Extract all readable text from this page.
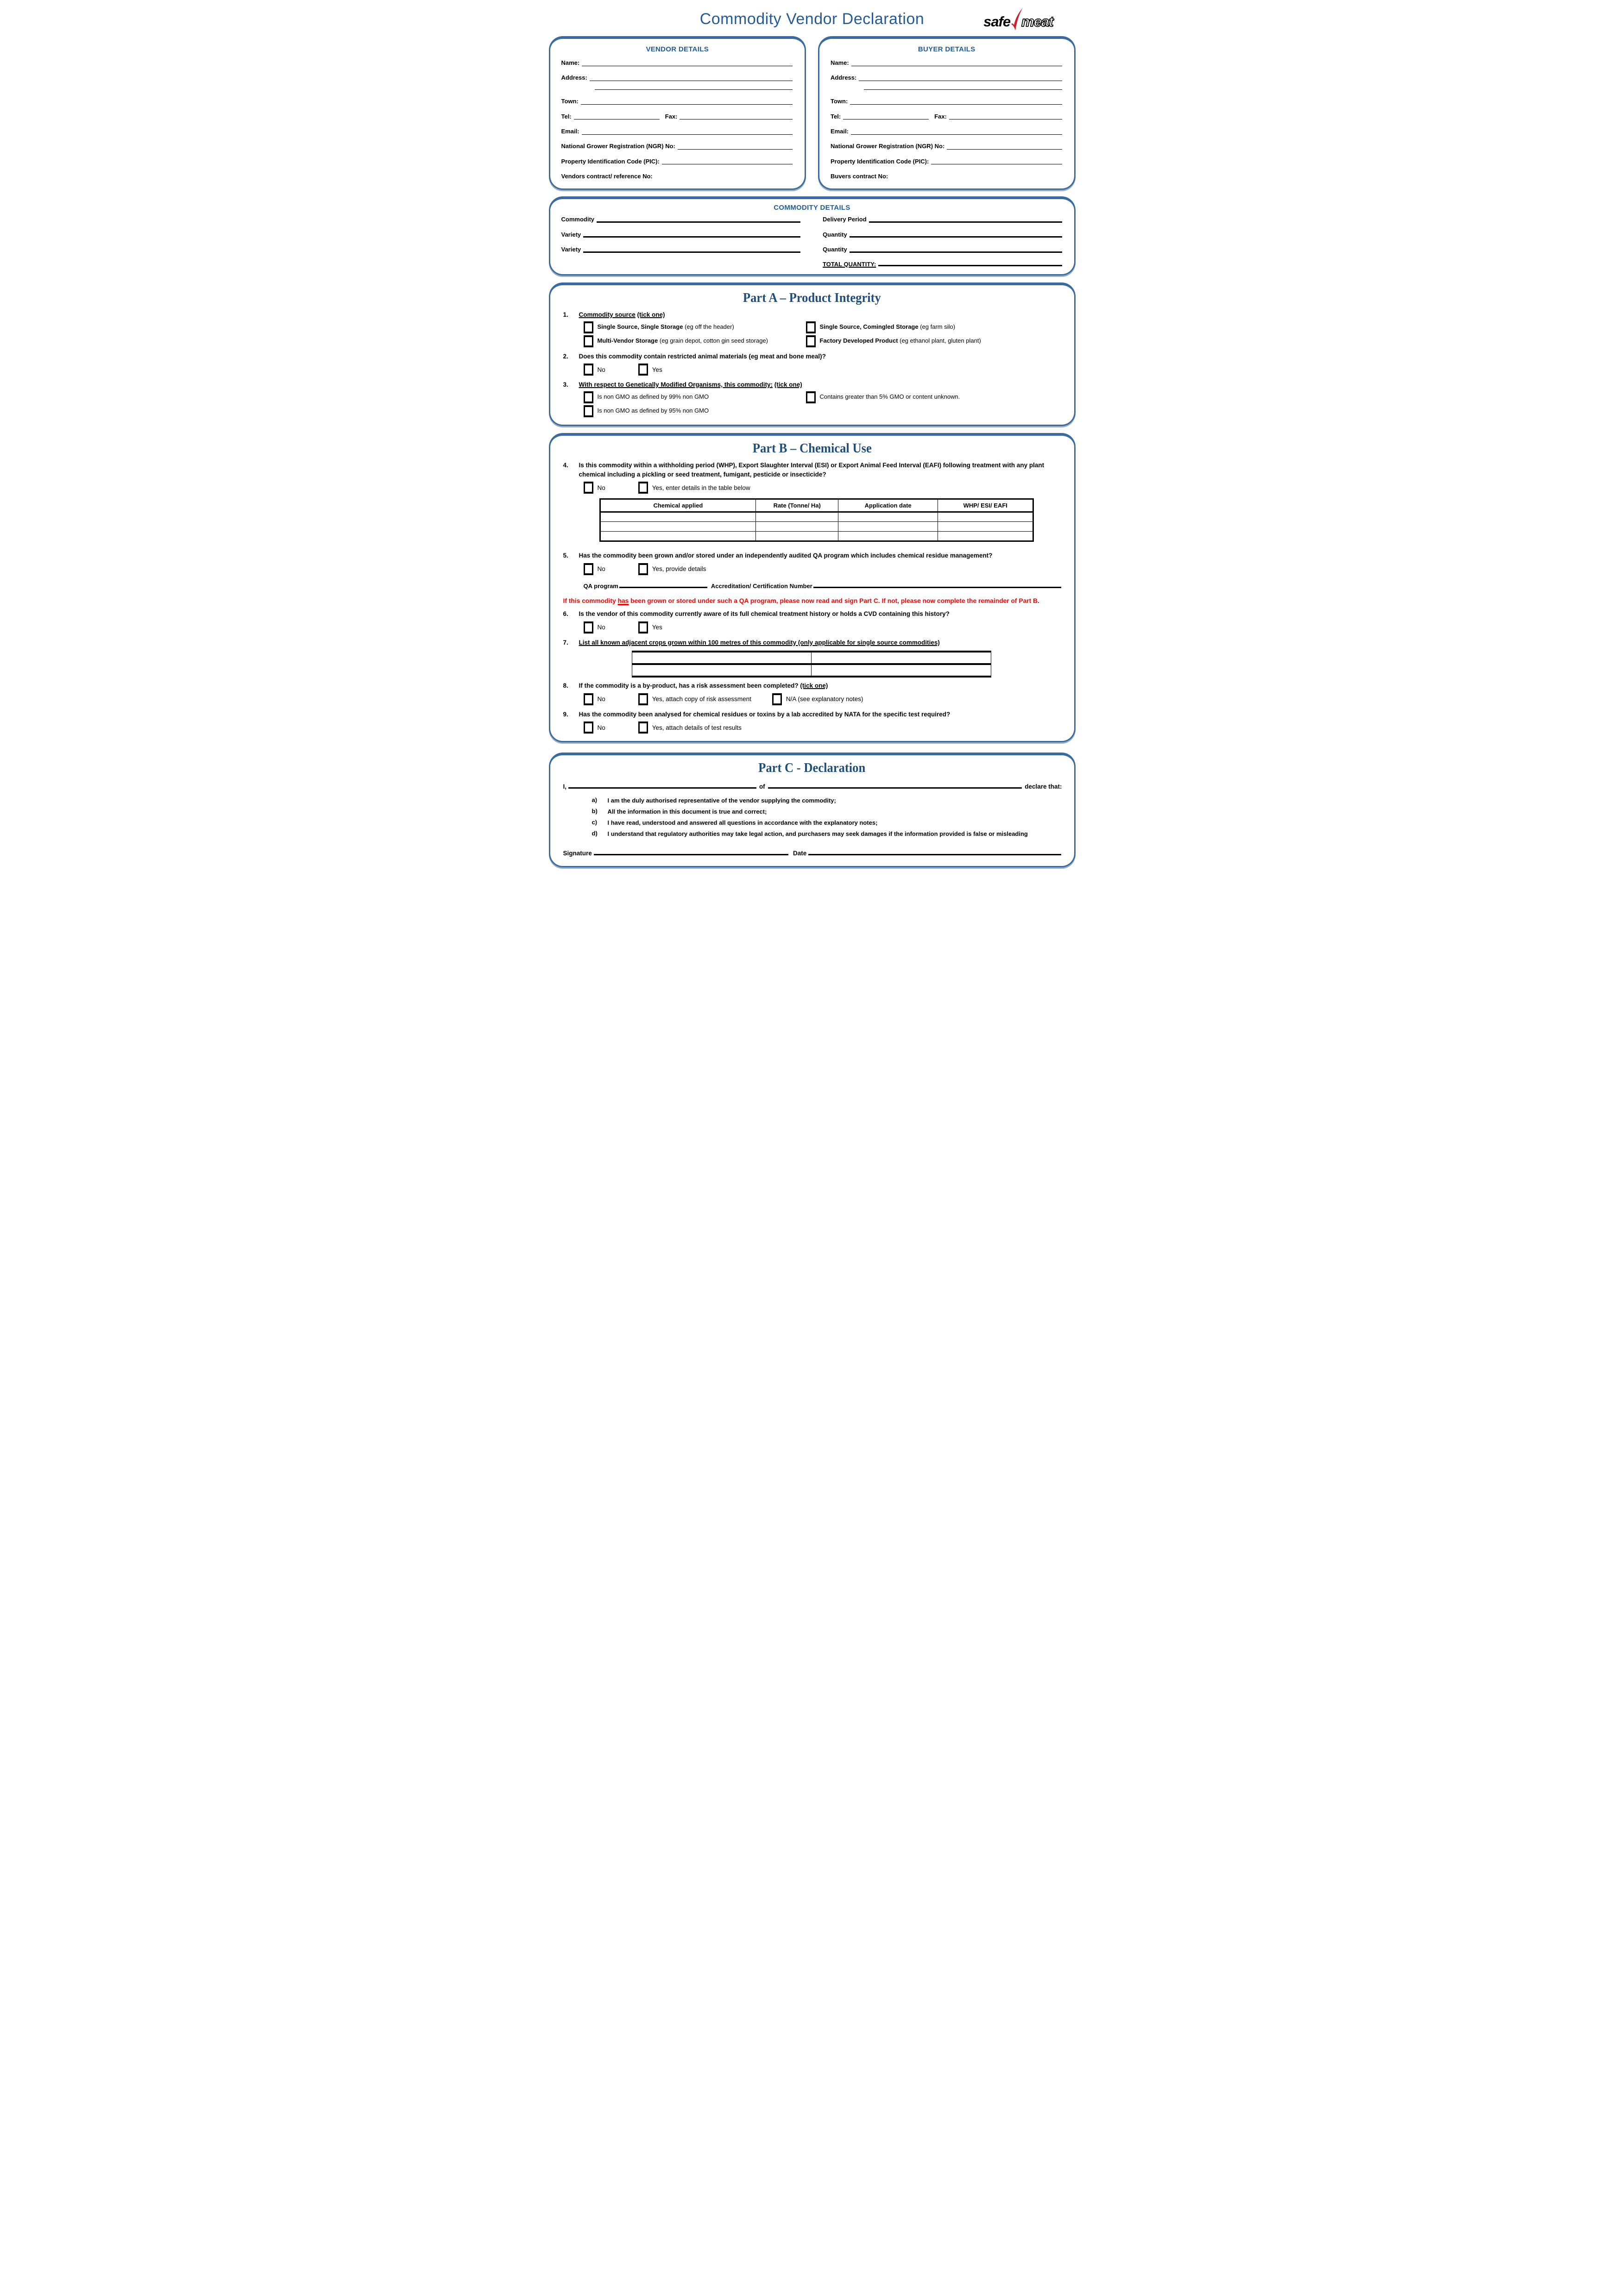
Commodity Vendor Declaration	safe meat
VENDOR DETAILS
Name:
Address:
Town:
Tel:	Fax:
Email:
National Grower Registration (NGR) No:
Property Identification Code (PIC):
Vendors contract/ reference No:
BUYER DETAILS
Name:
Address:
Town:
Tel:	Fax:
Email:
National Grower Registration (NGR) No:
Property Identification Code (PIC):
Buvers contract No:
COMMODITY DETAILS
Commodity
Variety
Variety
Delivery Period
Quantity
Quantity
TOTAL QUANTITY:
Part A – Product Integrity
1.	Commodity source (tick one)
Single Source, Single Storage (eg off the header)	Single Source, Comingled Storage (eg farm silo)
Multi-Vendor Storage (eg grain depot, cotton gin seed storage)	Factory Developed Product (eg ethanol plant, gluten plant)
2.	Does this commodity contain restricted animal materials (eg meat and bone meal)?
No	Yes
3.	With respect to Genetically Modified Organisms, this commodity: (tick one)
Is non GMO as defined by 99% non GMO	Contains greater than 5% GMO or content unknown.
Is non GMO as defined by 95% non GMO
Part B – Chemical Use
4.	Is this commodity within a withholding period (WHP), Export Slaughter Interval (ESI) or Export Animal Feed Interval (EAFI) following treatment with any plant chemical including a pickling or seed treatment, fumigant, pesticide or insecticide?
No	Yes, enter details in the table below
Chemical applied	Rate (Tonne/ Ha)	Application date	WHP/ ESI/ EAFI

5.	Has the commodity been grown and/or stored under an independently audited QA program which includes chemical residue management?
No	Yes, provide details
QA program	Accreditation/ Certification Number
If this commodity has been grown or stored under such a QA program, please now read and sign Part C. If not, please now complete the remainder of Part B.
6.	Is the vendor of this commodity currently aware of its full chemical treatment history or holds a CVD containing this history?
No	Yes
7.	List all known adjacent crops grown within 100 metres of this commodity (only applicable for single source commodities)

8.	If the commodity is a by-product, has a risk assessment been completed? (tick one)
No	Yes, attach copy of risk assessment	N/A (see explanatory notes)
9.	Has the commodity been analysed for chemical residues or toxins by a lab accredited by NATA for the specific test required?
No	Yes, attach details of test results
Part C - Declaration
I,	of	declare that:
a)	I am the duly authorised representative of the vendor supplying the commodity;
b)	All the information in this document is true and correct;
c)	I have read, understood and answered all questions in accordance with the explanatory notes;
d)	I understand that regulatory authorities may take legal action, and purchasers may seek damages if the information provided is false or misleading
Signature	Date
